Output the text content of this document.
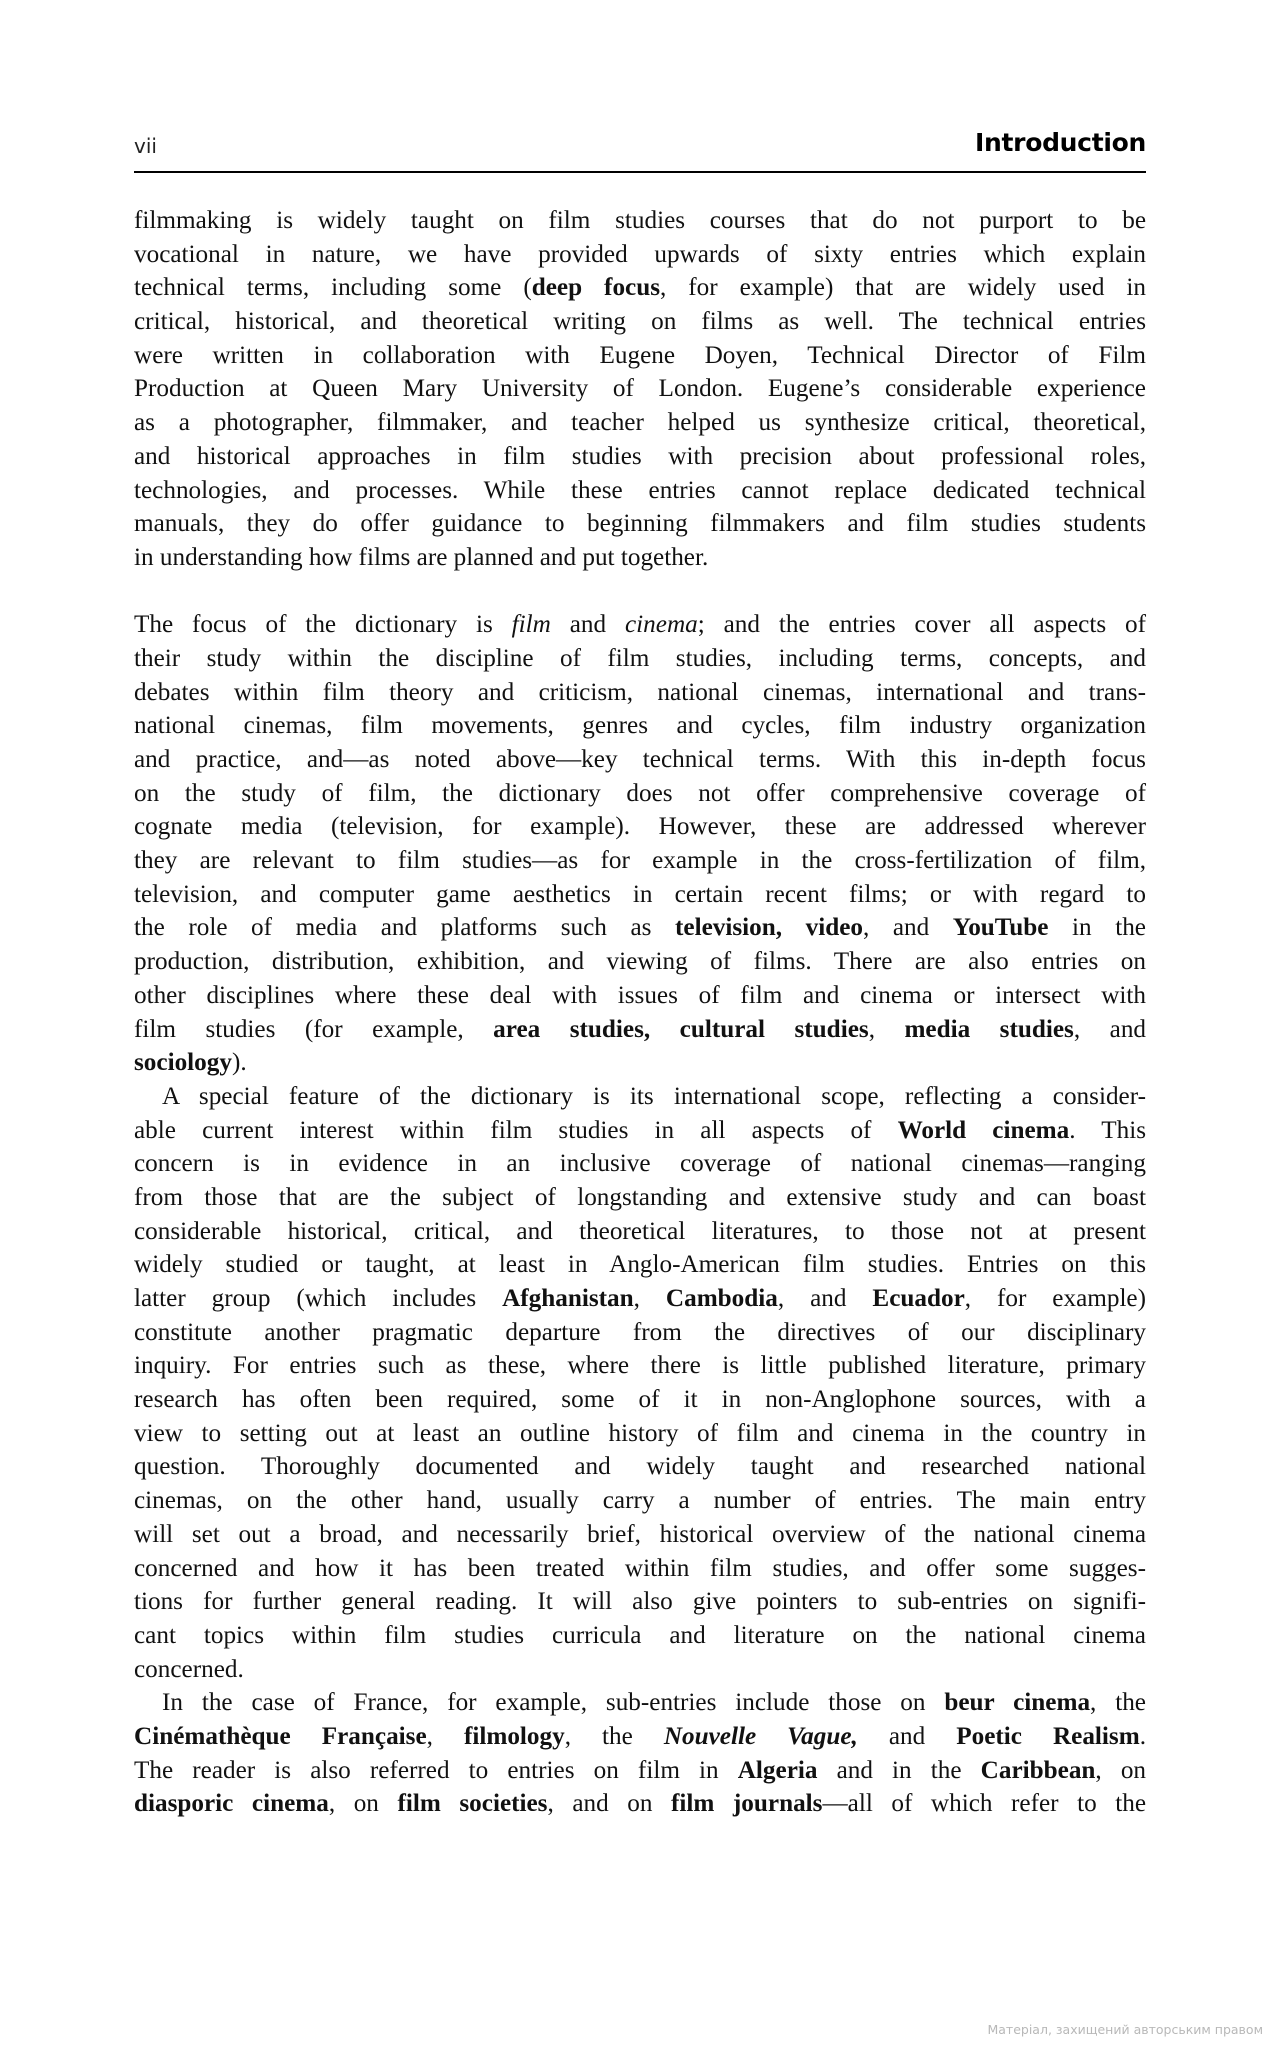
vii	Introduction
filmmaking is widely taught on film studies courses that do not purport to be
vocational in nature, we have provided upwards of sixty entries which explain
technical terms, including some (deep focus, for example) that are widely used in
critical, historical, and theoretical writing on films as well. The technical entries
were written in collaboration with Eugene Doyen, Technical Director of Film
Production at Queen Mary University of London. Eugene’s considerable experience
as a photographer, filmmaker, and teacher helped us synthesize critical, theoretical,
and historical approaches in film studies with precision about professional roles,
technologies, and processes. While these entries cannot replace dedicated technical
manuals, they do offer guidance to beginning filmmakers and film studies students
in understanding how films are planned and put together.
The focus of the dictionary is film and cinema; and the entries cover all aspects of
their study within the discipline of film studies, including terms, concepts, and
debates within film theory and criticism, national cinemas, international and trans-
national cinemas, film movements, genres and cycles, film industry organization
and practice, and—as noted above—key technical terms. With this in-depth focus
on the study of film, the dictionary does not offer comprehensive coverage of
cognate media (television, for example). However, these are addressed wherever
they are relevant to film studies—as for example in the cross-fertilization of film,
television, and computer game aesthetics in certain recent films; or with regard to
the role of media and platforms such as television, video, and YouTube in the
production, distribution, exhibition, and viewing of films. There are also entries on
other disciplines where these deal with issues of film and cinema or intersect with
film studies (for example, area studies, cultural studies, media studies, and
sociology).
A special feature of the dictionary is its international scope, reflecting a consider-
able current interest within film studies in all aspects of World cinema. This
concern is in evidence in an inclusive coverage of national cinemas—ranging
from those that are the subject of longstanding and extensive study and can boast
considerable historical, critical, and theoretical literatures, to those not at present
widely studied or taught, at least in Anglo-American film studies. Entries on this
latter group (which includes Afghanistan, Cambodia, and Ecuador, for example)
constitute another pragmatic departure from the directives of our disciplinary
inquiry. For entries such as these, where there is little published literature, primary
research has often been required, some of it in non-Anglophone sources, with a
view to setting out at least an outline history of film and cinema in the country in
question. Thoroughly documented and widely taught and researched national
cinemas, on the other hand, usually carry a number of entries. The main entry
will set out a broad, and necessarily brief, historical overview of the national cinema
concerned and how it has been treated within film studies, and offer some sugges-
tions for further general reading. It will also give pointers to sub-entries on signifi-
cant topics within film studies curricula and literature on the national cinema
concerned.
In the case of France, for example, sub-entries include those on beur cinema, the
Cinémathèque Française, filmology, the Nouvelle Vague, and Poetic Realism.
The reader is also referred to entries on film in Algeria and in the Caribbean, on
diasporic cinema, on film societies, and on film journals—all of which refer to the
Матеріал, захищений авторським правом
